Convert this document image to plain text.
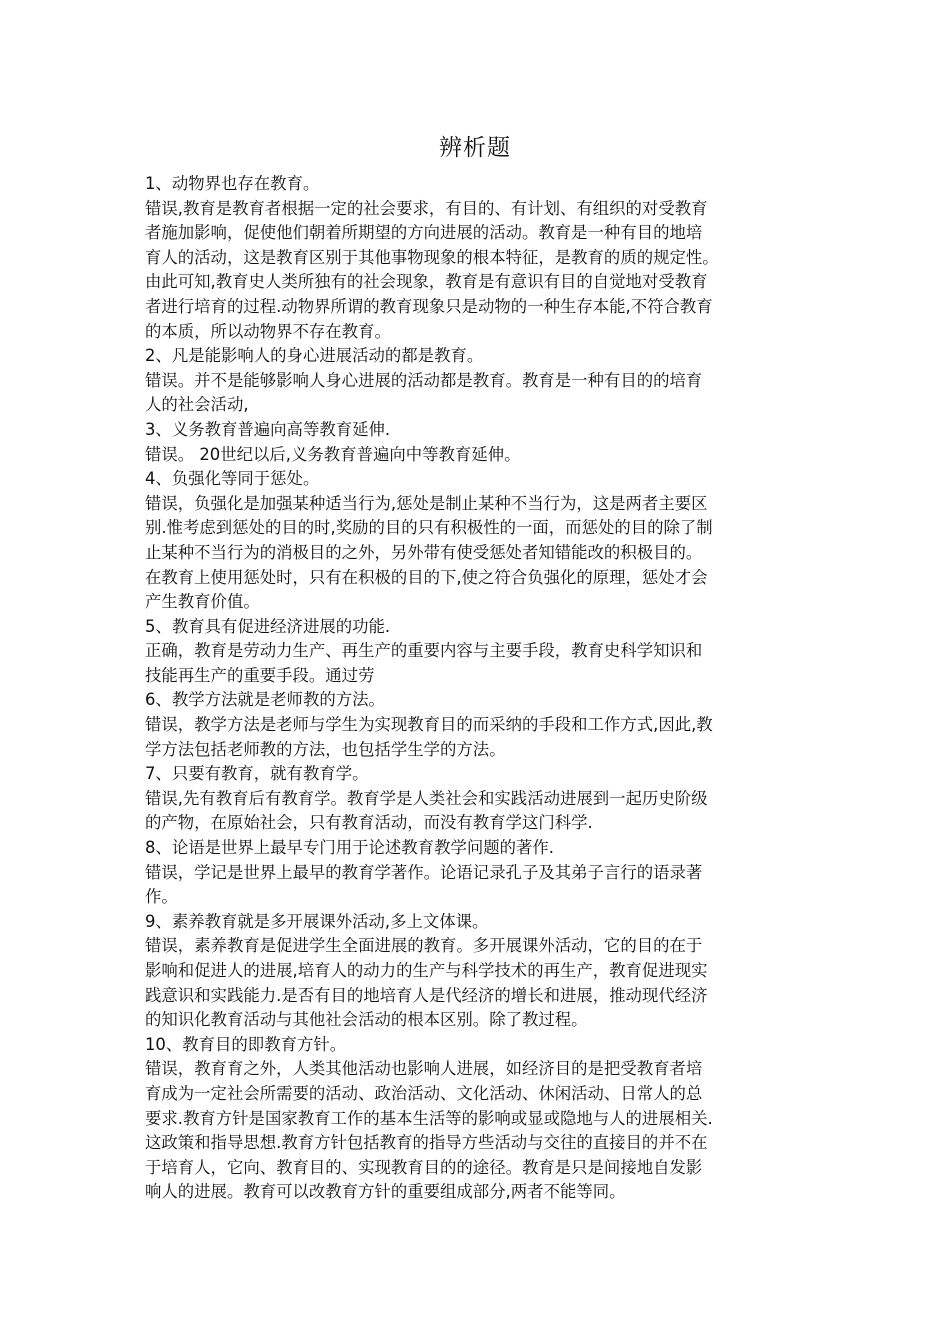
辨析题

1、动物界也存在教育。

错误,教育是教育者根据一定的社会要求，有目的、有计划、有组织的对受教育

者施加影响，促使他们朝着所期望的方向进展的活动。教育是一种有目的地培

育人的活动，这是教育区别于其他事物现象的根本特征，是教育的质的规定性。

由此可知,教育史人类所独有的社会现象，教育是有意识有目的自觉地对受教育

者进行培育的过程.动物界所谓的教育现象只是动物的一种生存本能,不符合教育

的本质，所以动物界不存在教育。

2、凡是能影响人的身心进展活动的都是教育。

错误。并不是能够影响人身心进展的活动都是教育。教育是一种有目的的培育

人的社会活动,

3、义务教育普遍向高等教育延伸.

错误。 20世纪以后,义务教育普遍向中等教育延伸。

4、负强化等同于惩处。

错误，负强化是加强某种适当行为,惩处是制止某种不当行为，这是两者主要区

别.惟考虑到惩处的目的时,奖励的目的只有积极性的一面，而惩处的目的除了制

止某种不当行为的消极目的之外，另外带有使受惩处者知错能改的积极目的。

在教育上使用惩处时，只有在积极的目的下,使之符合负强化的原理，惩处才会

产生教育价值。

5、教育具有促进经济进展的功能.

正确，教育是劳动力生产、再生产的重要内容与主要手段，教育史科学知识和

技能再生产的重要手段。通过劳

6、教学方法就是老师教的方法。

错误，教学方法是老师与学生为实现教育目的而采纳的手段和工作方式,因此,教

学方法包括老师教的方法，也包括学生学的方法。

7、只要有教育，就有教育学。

错误,先有教育后有教育学。教育学是人类社会和实践活动进展到一起历史阶级

的产物，在原始社会，只有教育活动，而没有教育学这门科学.

8、论语是世界上最早专门用于论述教育教学问题的著作.

错误，学记是世界上最早的教育学著作。论语记录孔子及其弟子言行的语录著

作。

9、素养教育就是多开展课外活动,多上文体课。

错误，素养教育是促进学生全面进展的教育。多开展课外活动，它的目的在于

影响和促进人的进展,培育人的动力的生产与科学技术的再生产，教育促进现实

践意识和实践能力.是否有目的地培育人是代经济的增长和进展，推动现代经济

的知识化教育活动与其他社会活动的根本区别。除了教过程。

10、教育目的即教育方针。

错误，教育育之外，人类其他活动也影响人进展，如经济目的是把受教育者培

育成为一定社会所需要的活动、政治活动、文化活动、休闲活动、日常人的总

要求.教育方针是国家教育工作的基本生活等的影响或显或隐地与人的进展相关.

这政策和指导思想.教育方针包括教育的指导方些活动与交往的直接目的并不在

于培育人，它向、教育目的、实现教育目的的途径。教育是只是间接地自发影

响人的进展。教育可以改教育方针的重要组成部分,两者不能等同。
